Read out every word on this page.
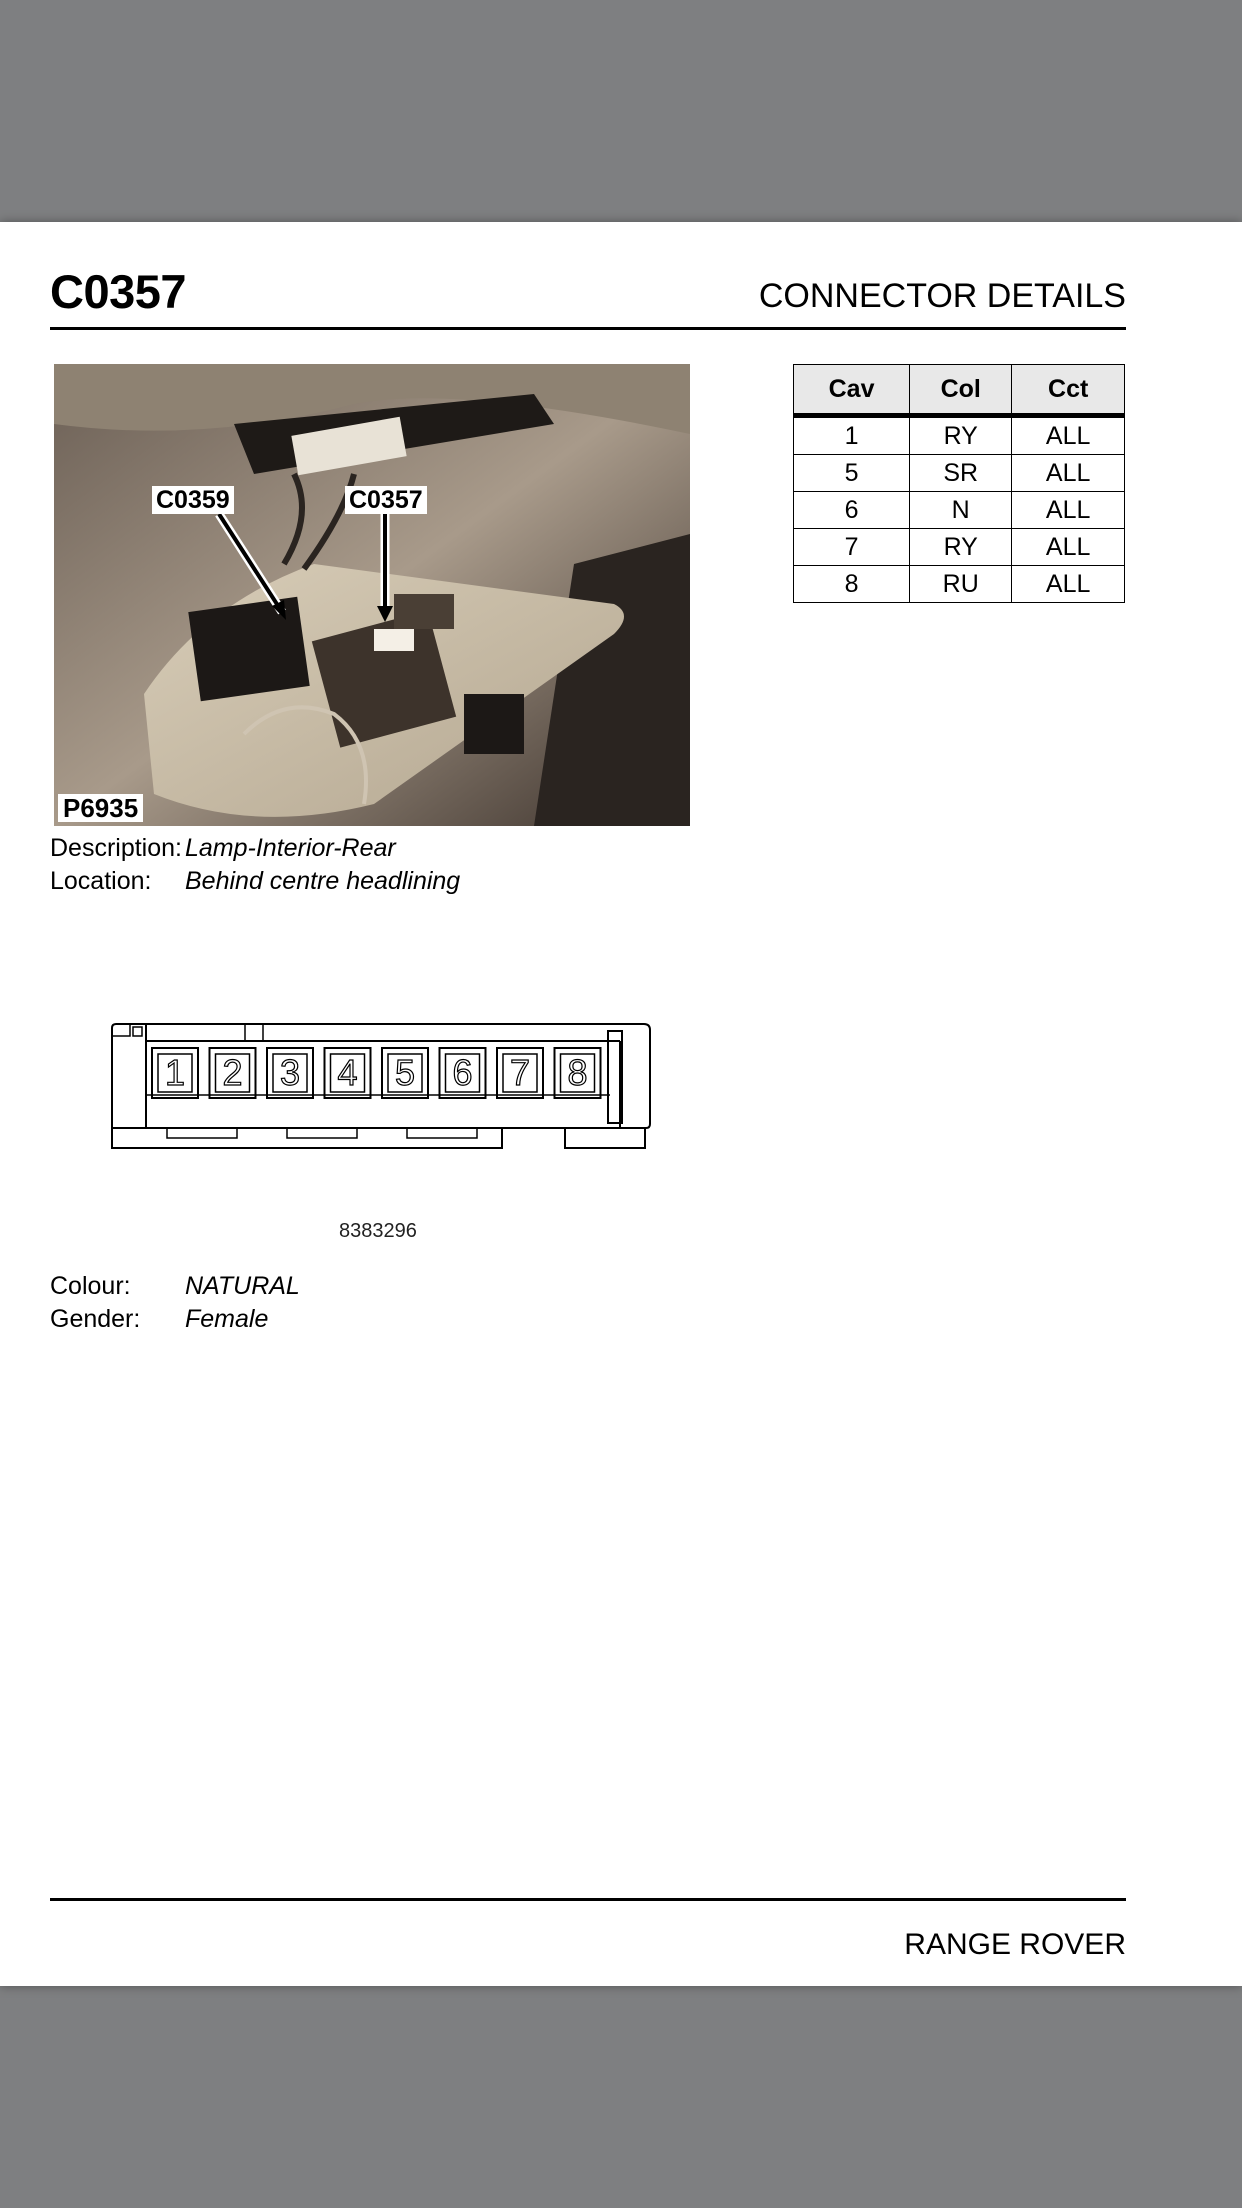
C0357	CONNECTOR DETAILS
C0359	C0357
P6935
Description: Lamp-Interior-Rear
Location: Behind centre headlining
Cav	Col	Cct
1	RY	ALL
5	SR	ALL
6	N	ALL
7	RY	ALL
8	RU	ALL
1 2 3 4 5 6 7 8
8383296
Colour: NATURAL
Gender: Female
RANGE ROVER
